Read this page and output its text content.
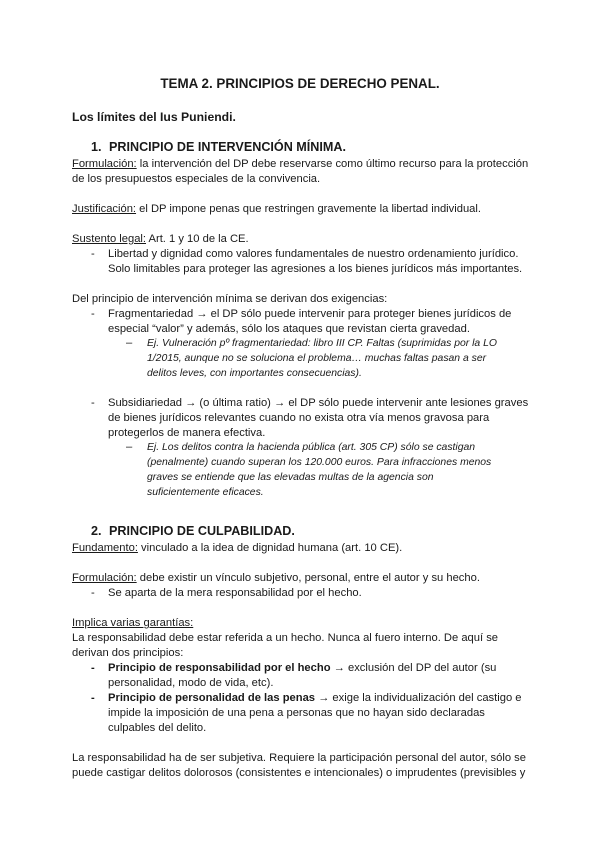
TEMA 2. PRINCIPIOS DE DERECHO PENAL.
Los límites del Ius Puniendi.
1. PRINCIPIO DE INTERVENCIÓN MÍNIMA.
Formulación: la intervención del DP debe reservarse como último recurso para la protección
de los presupuestos especiales de la convivencia.
Justificación: el DP impone penas que restringen gravemente la libertad individual.
Sustento legal: Art. 1 y 10 de la CE.
- Libertad y dignidad como valores fundamentales de nuestro ordenamiento jurídico.
Solo limitables para proteger las agresiones a los bienes jurídicos más importantes.
Del principio de intervención mínima se derivan dos exigencias:
- Fragmentariedad → el DP sólo puede intervenir para proteger bienes jurídicos de
especial “valor” y además, sólo los ataques que revistan cierta gravedad.
– Ej. Vulneración pº fragmentariedad: libro III CP. Faltas (suprimidas por la LO
1/2015, aunque no se soluciona el problema… muchas faltas pasan a ser
delitos leves, con importantes consecuencias).
- Subsidiariedad → (o última ratio) → el DP sólo puede intervenir ante lesiones graves
de bienes jurídicos relevantes cuando no exista otra vía menos gravosa para
protegerlos de manera efectiva.
– Ej. Los delitos contra la hacienda pública (art. 305 CP) sólo se castigan
(penalmente) cuando superan los 120.000 euros. Para infracciones menos
graves se entiende que las elevadas multas de la agencia son
suficientemente eficaces.
2. PRINCIPIO DE CULPABILIDAD.
Fundamento: vinculado a la idea de dignidad humana (art. 10 CE).
Formulación: debe existir un vínculo subjetivo, personal, entre el autor y su hecho.
- Se aparta de la mera responsabilidad por el hecho.
Implica varias garantías:
La responsabilidad debe estar referida a un hecho. Nunca al fuero interno. De aquí se
derivan dos principios:
- Principio de responsabilidad por el hecho → exclusión del DP del autor (su
personalidad, modo de vida, etc).
- Principio de personalidad de las penas → exige la individualización del castigo e
impide la imposición de una pena a personas que no hayan sido declaradas
culpables del delito.
La responsabilidad ha de ser subjetiva. Requiere la participación personal del autor, sólo se
puede castigar delitos dolorosos (consistentes e intencionales) o imprudentes (previsibles y
